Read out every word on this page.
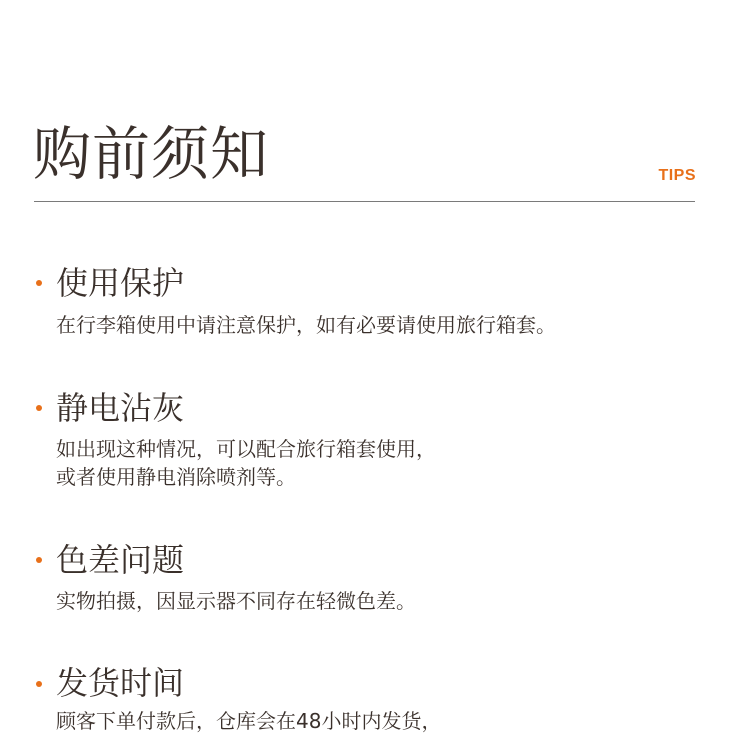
购前须知	TIPS
使用保护
在行李箱使用中请注意保护，如有必要请使用旅行箱套。
静电沾灰
如出现这种情况，可以配合旅行箱套使用，
或者使用静电消除喷剂等。
色差问题
实物拍摄，因显示器不同存在轻微色差。
发货时间
顾客下单付款后，仓库会在48小时内发货，
